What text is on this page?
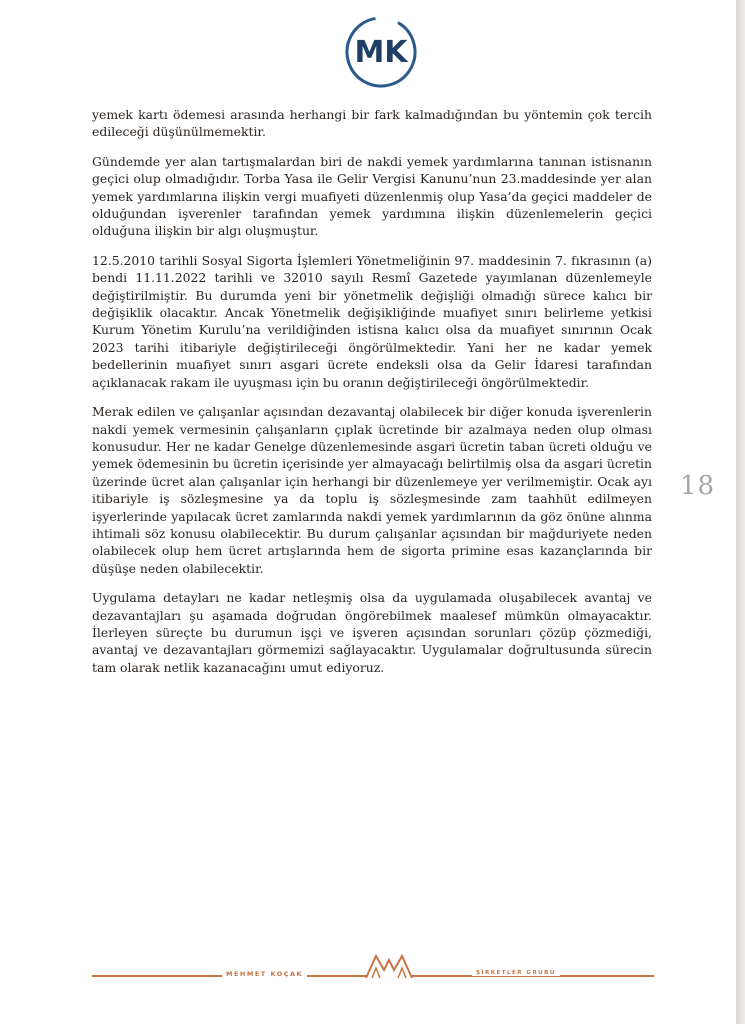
MK

yemek kartı ödemesi arasında herhangi bir fark kalmadığından bu yöntemin çok tercih edileceği düşünülmemektir.

Gündemde yer alan tartışmalardan biri de nakdi yemek yardımlarına tanınan istisnanın geçici olup olmadığıdır. Torba Yasa ile Gelir Vergisi Kanunu’nun 23.maddesinde yer alan yemek yardımlarına ilişkin vergi muafiyeti düzenlenmiş olup Yasa’da geçici maddeler de olduğundan işverenler tarafından yemek yardımına ilişkin düzenlemelerin geçici olduğuna ilişkin bir algı oluşmuştur.

12.5.2010 tarihli Sosyal Sigorta İşlemleri Yönetmeliğinin 97. maddesinin 7. fıkrasının (a) bendi 11.11.2022 tarihli ve 32010 sayılı Resmî Gazetede yayımlanan düzenlemeyle değiştirilmiştir. Bu durumda yeni bir yönetmelik değişliği olmadığı sürece kalıcı bir değişiklik olacaktır. Ancak Yönetmelik değişikliğinde muafiyet sınırı belirleme yetkisi Kurum Yönetim Kurulu’na verildiğinden istisna kalıcı olsa da muafiyet sınırının Ocak 2023 tarihi itibariyle değiştirileceği öngörülmektedir. Yani her ne kadar yemek bedellerinin muafiyet sınırı asgari ücrete endeksli olsa da Gelir İdaresi tarafından açıklanacak rakam ile uyuşması için bu oranın değiştirileceği öngörülmektedir.

Merak edilen ve çalışanlar açısından dezavantaj olabilecek bir diğer konuda işverenlerin nakdi yemek vermesinin çalışanların çıplak ücretinde bir azalmaya neden olup olması konusudur. Her ne kadar Genelge düzenlemesinde asgari ücretin taban ücreti olduğu ve yemek ödemesinin bu ücretin içerisinde yer almayacağı belirtilmiş olsa da asgari ücretin üzerinde ücret alan çalışanlar için herhangi bir düzenlemeye yer verilmemiştir. Ocak ayı itibariyle iş sözleşmesine ya da toplu iş sözleşmesinde zam taahhüt edilmeyen işyerlerinde yapılacak ücret zamlarında nakdi yemek yardımlarının da göz önüne alınma ihtimali söz konusu olabilecektir. Bu durum çalışanlar açısından bir mağduriyete neden olabilecek olup hem ücret artışlarında hem de sigorta primine esas kazançlarında bir düşüşe neden olabilecektir.

Uygulama detayları ne kadar netleşmiş olsa da uygulamada oluşabilecek avantaj ve dezavantajları şu aşamada doğrudan öngörebilmek maalesef mümkün olmayacaktır. İlerleyen süreçte bu durumun işçi ve işveren açısından sorunları çözüp çözmediği, avantaj ve dezavantajları görmemizi sağlayacaktır. Uygulamalar doğrultusunda sürecin tam olarak netlik kazanacağını umut ediyoruz.

18
MEHMET KOÇAK	ŞİRKETLER GRUBU
